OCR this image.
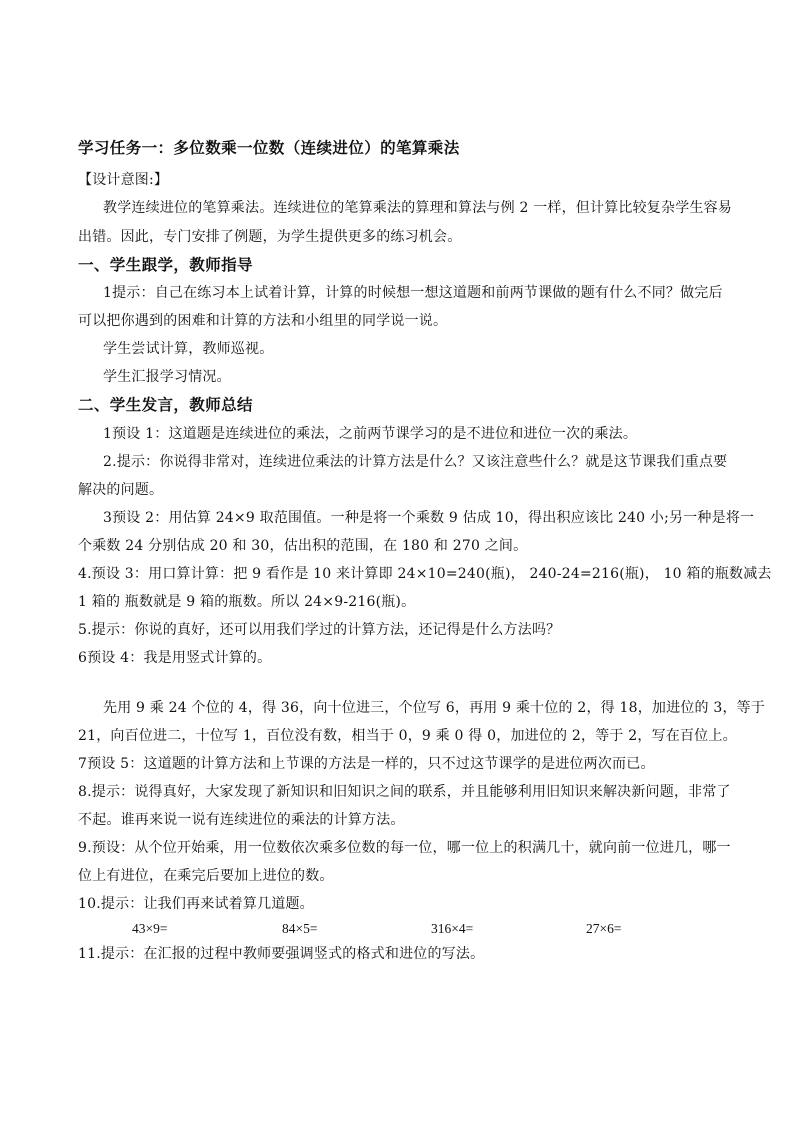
学习任务一：多位数乘一位数（连续进位）的笔算乘法
【设计意图:】
教学连续进位的笔算乘法。连续进位的笔算乘法的算理和算法与例 2 一样，但计算比较复杂学生容易
出错。因此，专门安排了例题，为学生提供更多的练习机会。
一、学生跟学，教师指导
1提示：自己在练习本上试着计算，计算的时候想一想这道题和前两节课做的题有什么不同？做完后
可以把你遇到的困难和计算的方法和小组里的同学说一说。
学生尝试计算，教师巡视。
学生汇报学习情况。
二、学生发言，教师总结
1预设 1：这道题是连续进位的乘法，之前两节课学习的是不进位和进位一次的乘法。
2.提示：你说得非常对，连续进位乘法的计算方法是什么？又该注意些什么？就是这节课我们重点要
解决的问题。
3预设 2：用估算 24×9 取范围值。一种是将一个乘数 9 估成 10，得出积应该比 240 小;另一种是将一
个乘数 24 分别估成 20 和 30，估出积的范围，在 180 和 270 之间。
4.预设 3：用口算计算：把 9 看作是 10 来计算即 24×10=240(瓶)， 240-24=216(瓶)， 10 箱的瓶数减去
1 箱的 瓶数就是 9 箱的瓶数。所以 24×9-216(瓶)。
5.提示：你说的真好，还可以用我们学过的计算方法，还记得是什么方法吗？
6预设 4：我是用竖式计算的。
先用 9 乘 24 个位的 4，得 36，向十位进三，个位写 6，再用 9 乘十位的 2，得 18，加进位的 3，等于
21，向百位进二，十位写 1，百位没有数，相当于 0，9 乘 0 得 0，加进位的 2，等于 2，写在百位上。
7预设 5：这道题的计算方法和上节课的方法是一样的，只不过这节课学的是进位两次而已。
8.提示：说得真好，大家发现了新知识和旧知识之间的联系，并且能够利用旧知识来解决新问题，非常了
不起。谁再来说一说有连续进位的乘法的计算方法。
9.预设：从个位开始乘，用一位数依次乘多位数的每一位，哪一位上的积满几十，就向前一位进几，哪一
位上有进位，在乘完后要加上进位的数。
10.提示：让我们再来试着算几道题。
43×9=	84×5=	316×4=	27×6=
11.提示：在汇报的过程中教师要强调竖式的格式和进位的写法。
